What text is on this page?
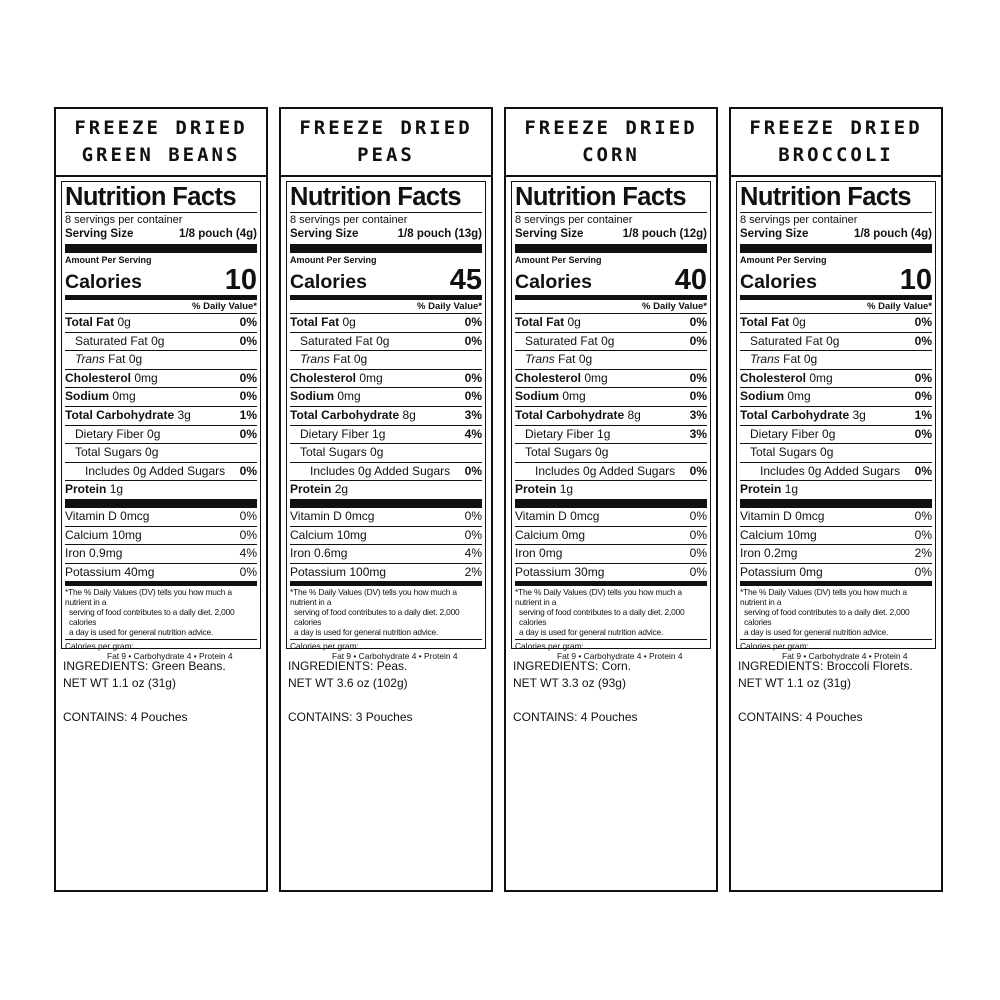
FREEZE DRIED
GREEN BEANS
Nutrition Facts
8 servings per container
Serving Size	1/8 pouch (4g)
Amount Per Serving
Calories	10
% Daily Value*
Total Fat 0g	0%
Saturated Fat 0g	0%
Trans Fat 0g
Cholesterol 0mg	0%
Sodium 0mg	0%
Total Carbohydrate 3g	1%
Dietary Fiber 0g	0%
Total Sugars 0g
Includes 0g Added Sugars 0%
Protein 1g
Vitamin D 0mcg	0%
Calcium 10mg	0%
Iron 0.9mg	4%
Potassium 40mg	0%
*The % Daily Values (DV) tells you how much a nutrient in a
serving of food contributes to a daily diet. 2,000 calories
a day is used for general nutrition advice.
Calories per gram:
Fat 9 • Carbohydrate 4 • Protein 4
INGREDIENTS: Green Beans.
NET WT 1.1 oz (31g)
CONTAINS: 4 Pouches
FREEZE DRIED
PEAS
Nutrition Facts
8 servings per container
Serving Size	1/8 pouch (13g)
Amount Per Serving
Calories	45
% Daily Value*
Total Fat 0g	0%
Saturated Fat 0g	0%
Trans Fat 0g
Cholesterol 0mg	0%
Sodium 0mg	0%
Total Carbohydrate 8g	3%
Dietary Fiber 1g	4%
Total Sugars 0g
Includes 0g Added Sugars 0%
Protein 2g
Vitamin D 0mcg	0%
Calcium 10mg	0%
Iron 0.6mg	4%
Potassium 100mg	2%
*The % Daily Values (DV) tells you how much a nutrient in a
serving of food contributes to a daily diet. 2,000 calories
a day is used for general nutrition advice.
Calories per gram:
Fat 9 • Carbohydrate 4 • Protein 4
INGREDIENTS: Peas.
NET WT 3.6 oz (102g)
CONTAINS: 3 Pouches
FREEZE DRIED
CORN
Nutrition Facts
8 servings per container
Serving Size	1/8 pouch (12g)
Amount Per Serving
Calories	40
% Daily Value*
Total Fat 0g	0%
Saturated Fat 0g	0%
Trans Fat 0g
Cholesterol 0mg	0%
Sodium 0mg	0%
Total Carbohydrate 8g	3%
Dietary Fiber 1g	3%
Total Sugars 0g
Includes 0g Added Sugars 0%
Protein 1g
Vitamin D 0mcg	0%
Calcium 0mg	0%
Iron 0mg	0%
Potassium 30mg	0%
*The % Daily Values (DV) tells you how much a nutrient in a
serving of food contributes to a daily diet. 2,000 calories
a day is used for general nutrition advice.
Calories per gram:
Fat 9 • Carbohydrate 4 • Protein 4
INGREDIENTS: Corn.
NET WT 3.3 oz (93g)
CONTAINS: 4 Pouches
FREEZE DRIED
BROCCOLI
Nutrition Facts
8 servings per container
Serving Size	1/8 pouch (4g)
Amount Per Serving
Calories	10
% Daily Value*
Total Fat 0g	0%
Saturated Fat 0g	0%
Trans Fat 0g
Cholesterol 0mg	0%
Sodium 0mg	0%
Total Carbohydrate 3g	1%
Dietary Fiber 0g	0%
Total Sugars 0g
Includes 0g Added Sugars 0%
Protein 1g
Vitamin D 0mcg	0%
Calcium 10mg	0%
Iron 0.2mg	2%
Potassium 0mg	0%
*The % Daily Values (DV) tells you how much a nutrient in a
serving of food contributes to a daily diet. 2,000 calories
a day is used for general nutrition advice.
Calories per gram:
Fat 9 • Carbohydrate 4 • Protein 4
INGREDIENTS: Broccoli Florets.
NET WT 1.1 oz (31g)
CONTAINS: 4 Pouches
